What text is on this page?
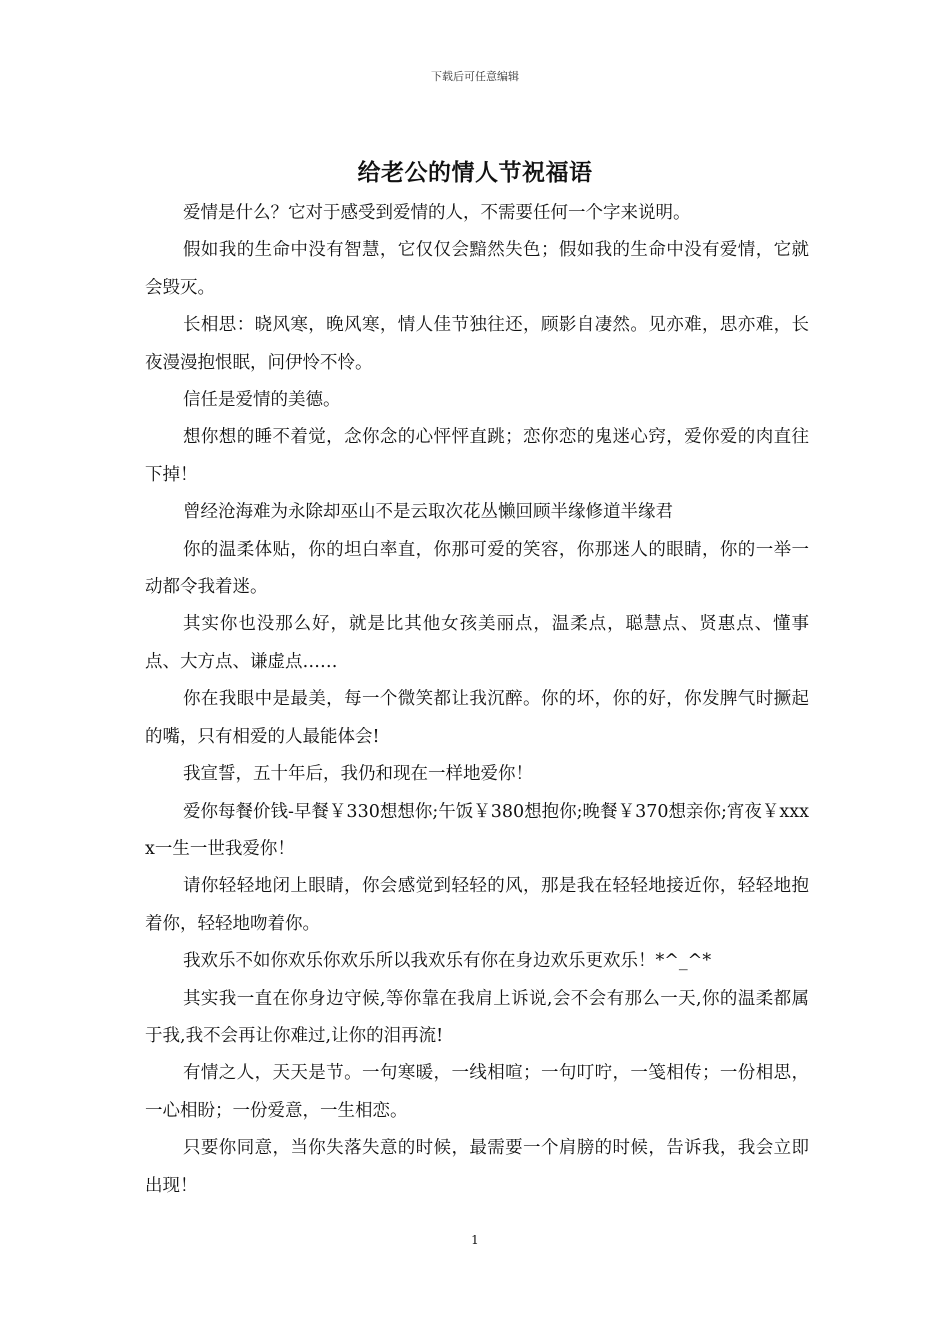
下载后可任意编辑
给老公的情人节祝福语

爱情是什么？它对于感受到爱情的人，不需要任何一个字来说明。

假如我的生命中没有智慧，它仅仅会黯然失色；假如我的生命中没有爱情，它就会毁灭。

长相思：晓风寒，晚风寒，情人佳节独往还，顾影自凄然。见亦难，思亦难，长夜漫漫抱恨眠，问伊怜不怜。

信任是爱情的美德。

想你想的睡不着觉，念你念的心怦怦直跳；恋你恋的鬼迷心窍，爱你爱的肉直往下掉！

曾经沧海难为永除却巫山不是云取次花丛懒回顾半缘修道半缘君

你的温柔体贴，你的坦白率直，你那可爱的笑容，你那迷人的眼睛，你的一举一动都令我着迷。

其实你也没那么好，就是比其他女孩美丽点，温柔点，聪慧点、贤惠点、懂事点、大方点、谦虚点……

你在我眼中是最美，每一个微笑都让我沉醉。你的坏，你的好，你发脾气时撅起的嘴，只有相爱的人最能体会!

我宣誓，五十年后，我仍和现在一样地爱你！

爱你每餐价钱-早餐￥330想想你;午饭￥380想抱你;晚餐￥370想亲你;宵夜￥xxxx一生一世我爱你！

请你轻轻地闭上眼睛，你会感觉到轻轻的风，那是我在轻轻地接近你，轻轻地抱着你，轻轻地吻着你。

我欢乐不如你欢乐你欢乐所以我欢乐有你在身边欢乐更欢乐！*^_^*

其实我一直在你身边守候,等你靠在我肩上诉说,会不会有那么一天,你的温柔都属于我,我不会再让你难过,让你的泪再流!

有情之人，天天是节。一句寒暖，一线相喧；一句叮咛，一笺相传；一份相思，一心相盼；一份爱意，一生相恋。

只要你同意，当你失落失意的时候，最需要一个肩膀的时候，告诉我，我会立即出现！

1
